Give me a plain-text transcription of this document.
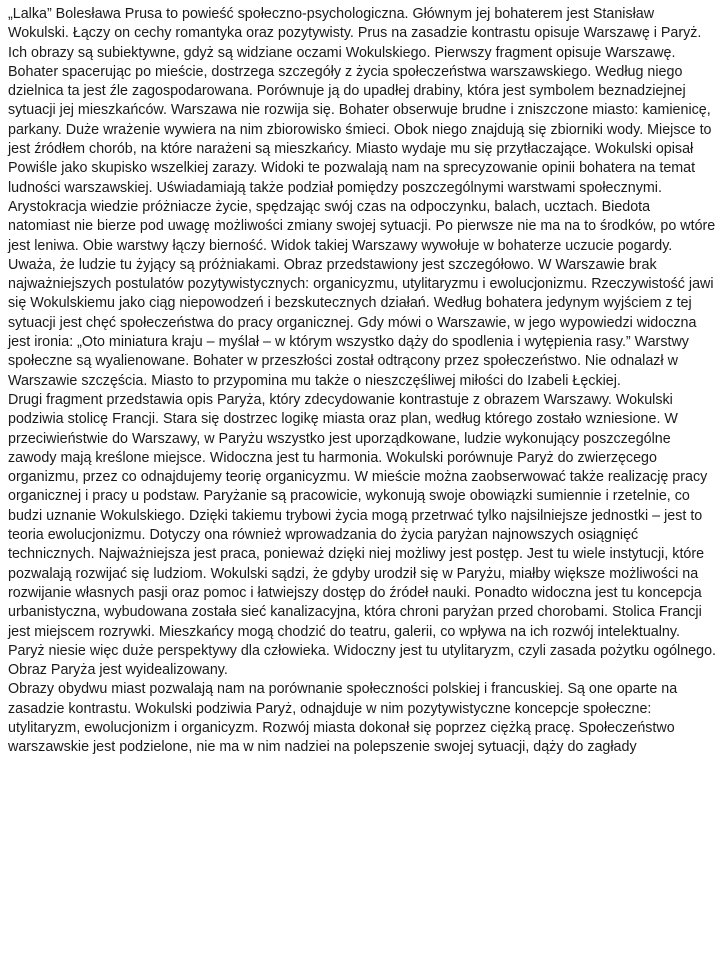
„Lalka” Bolesława Prusa to powieść społeczno-psychologiczna. Głównym jej bohaterem jest Stanisław Wokulski. Łączy on cechy romantyka oraz pozytywisty. Prus na zasadzie kontrastu opisuje Warszawę i Paryż. Ich obrazy są subiektywne, gdyż są widziane oczami Wokulskiego. Pierwszy fragment opisuje Warszawę. Bohater spacerując po mieście, dostrzega szczegóły z życia społeczeństwa warszawskiego. Według niego dzielnica ta jest źle zagospodarowana. Porównuje ją do upadłej drabiny, która jest symbolem beznadziejnej sytuacji jej mieszkańców. Warszawa nie rozwija się. Bohater obserwuje brudne i zniszczone miasto: kamienicę, parkany. Duże wrażenie wywiera na nim zbiorowisko śmieci. Obok niego znajdują się zbiorniki wody. Miejsce to jest źródłem chorób, na które narażeni są mieszkańcy. Miasto wydaje mu się przytłaczające. Wokulski opisał Powiśle jako skupisko wszelkiej zarazy. Widoki te pozwalają nam na sprecyzowanie opinii bohatera na temat ludności warszawskiej. Uświadamiają także podział pomiędzy poszczególnymi warstwami społecznymi. Arystokracja wiedzie próżniacze życie, spędzając swój czas na odpoczynku, balach, ucztach. Biedota natomiast nie bierze pod uwagę możliwości zmiany swojej sytuacji. Po pierwsze nie ma na to środków, po wtóre jest leniwa. Obie warstwy łączy bierność. Widok takiej Warszawy wywołuje w bohaterze uczucie pogardy. Uważa, że ludzie tu żyjący są próżniakami. Obraz przedstawiony jest szczegółowo. W Warszawie brak najważniejszych postulatów pozytywistycznych: organicyzmu, utylitaryzmu i ewolucjonizmu. Rzeczywistość jawi się Wokulskiemu jako ciąg niepowodzeń i bezskutecznych działań. Według bohatera jedynym wyjściem z tej sytuacji jest chęć społeczeństwa do pracy organicznej. Gdy mówi o Warszawie, w jego wypowiedzi widoczna jest ironia: „Oto miniatura kraju – myślał – w którym wszystko dąży do spodlenia i wytępienia rasy.” Warstwy społeczne są wyalienowane. Bohater w przeszłości został odtrącony przez społeczeństwo. Nie odnalazł w Warszawie szczęścia. Miasto to przypomina mu także o nieszczęśliwej miłości do Izabeli Łęckiej.

Drugi fragment przedstawia opis Paryża, który zdecydowanie kontrastuje z obrazem Warszawy. Wokulski podziwia stolicę Francji. Stara się dostrzec logikę miasta oraz plan, według którego zostało wzniesione. W przeciwieństwie do Warszawy, w Paryżu wszystko jest uporządkowane, ludzie wykonujący poszczególne zawody mają kreślone miejsce. Widoczna jest tu harmonia. Wokulski porównuje Paryż do zwierzęcego organizmu, przez co odnajdujemy teorię organicyzmu. W mieście można zaobserwować także realizację pracy organicznej i pracy u podstaw. Paryżanie są pracowicie, wykonują swoje obowiązki sumiennie i rzetelnie, co budzi uznanie Wokulskiego. Dzięki takiemu trybowi życia mogą przetrwać tylko najsilniejsze jednostki – jest to teoria ewolucjonizmu. Dotyczy ona również wprowadzania do życia paryżan najnowszych osiągnięć technicznych. Najważniejsza jest praca, ponieważ dzięki niej możliwy jest postęp. Jest tu wiele instytucji, które pozwalają rozwijać się ludziom. Wokulski sądzi, że gdyby urodził się w Paryżu, miałby większe możliwości na rozwijanie własnych pasji oraz pomoc i łatwiejszy dostęp do źródeł nauki. Ponadto widoczna jest tu koncepcja urbanistyczna, wybudowana została sieć kanalizacyjna, która chroni paryżan przed chorobami. Stolica Francji jest miejscem rozrywki. Mieszkańcy mogą chodzić do teatru, galerii, co wpływa na ich rozwój intelektualny. Paryż niesie więc duże perspektywy dla człowieka. Widoczny jest tu utylitaryzm, czyli zasada pożytku ogólnego. Obraz Paryża jest wyidealizowany.

Obrazy obydwu miast pozwalają nam na porównanie społeczności polskiej i francuskiej. Są one oparte na zasadzie kontrastu. Wokulski podziwia Paryż, odnajduje w nim pozytywistyczne koncepcje społeczne: utylitaryzm, ewolucjonizm i organicyzm. Rozwój miasta dokonał się poprzez ciężką pracę. Społeczeństwo warszawskie jest podzielone, nie ma w nim nadziei na polepszenie swojej sytuacji, dąży do zagłady
